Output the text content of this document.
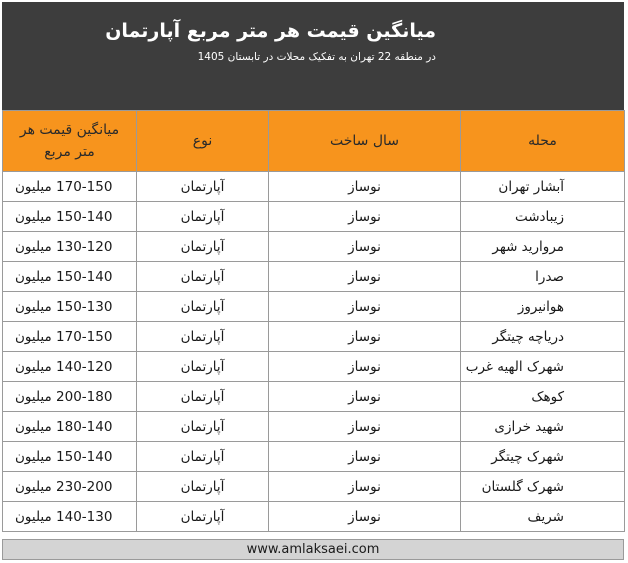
میانگین قیمت هر متر مربع آپارتمان
در منطقه 22 تهران به تفکیک محلات در تابستان 1405
محله	سال ساخت	نوع	میانگین قیمت هر متر مربع
آبشار تهران	نوساز	آپارتمان	170-150 میلیون
زیبادشت	نوساز	آپارتمان	150-140 میلیون
مروارید شهر	نوساز	آپارتمان	130-120 میلیون
صدرا	نوساز	آپارتمان	150-140 میلیون
هوانیروز	نوساز	آپارتمان	150-130 میلیون
دریاچه چیتگر	نوساز	آپارتمان	170-150 میلیون
شهرک الهیه غرب	نوساز	آپارتمان	140-120 میلیون
کوهک	نوساز	آپارتمان	200-180 میلیون
شهید خرازی	نوساز	آپارتمان	180-140 میلیون
شهرک چیتگر	نوساز	آپارتمان	150-140 میلیون
شهرک گلستان	نوساز	آپارتمان	230-200 میلیون
شریف	نوساز	آپارتمان	140-130 میلیون
www.amlaksaei.com
